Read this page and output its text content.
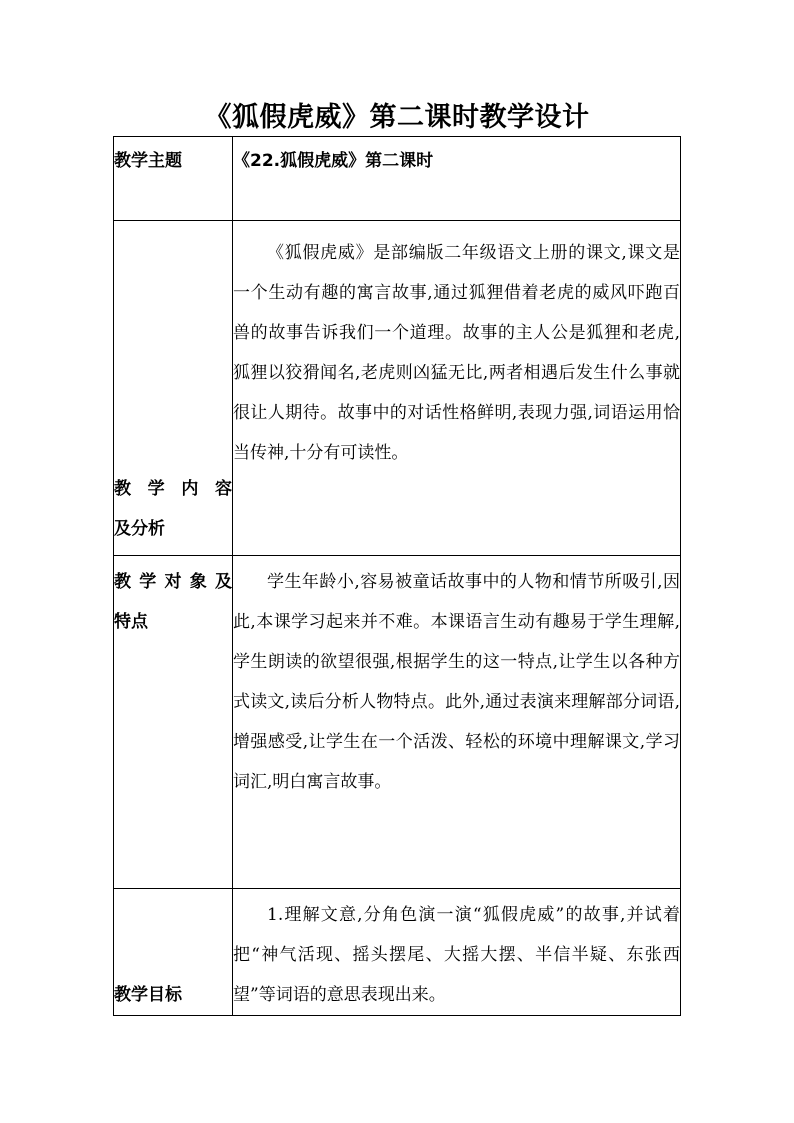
《狐假虎威》第二课时教学设计
教学主题	《22.狐假虎威》第二课时

教学内容
及分析	《狐假虎威》是部编版二年级语文上册的课文,课文是一个生动有趣的寓言故事,通过狐狸借着老虎的威风吓跑百兽的故事告诉我们一个道理。故事的主人公是狐狸和老虎,狐狸以狡猾闻名,老虎则凶猛无比,两者相遇后发生什么事就很让人期待。故事中的对话性格鲜明,表现力强,词语运用恰当传神,十分有可读性。

教学对象及
特点	学生年龄小,容易被童话故事中的人物和情节所吸引,因此,本课学习起来并不难。本课语言生动有趣易于学生理解,学生朗读的欲望很强,根据学生的这一特点,让学生以各种方式读文,读后分析人物特点。此外,通过表演来理解部分词语,增强感受,让学生在一个活泼、轻松的环境中理解课文,学习词汇,明白寓言故事。

教学目标	1.理解文意,分角色演一演“狐假虎威”的故事,并试着把“神气活现、摇头摆尾、大摇大摆、半信半疑、东张西望”等词语的意思表现出来。
